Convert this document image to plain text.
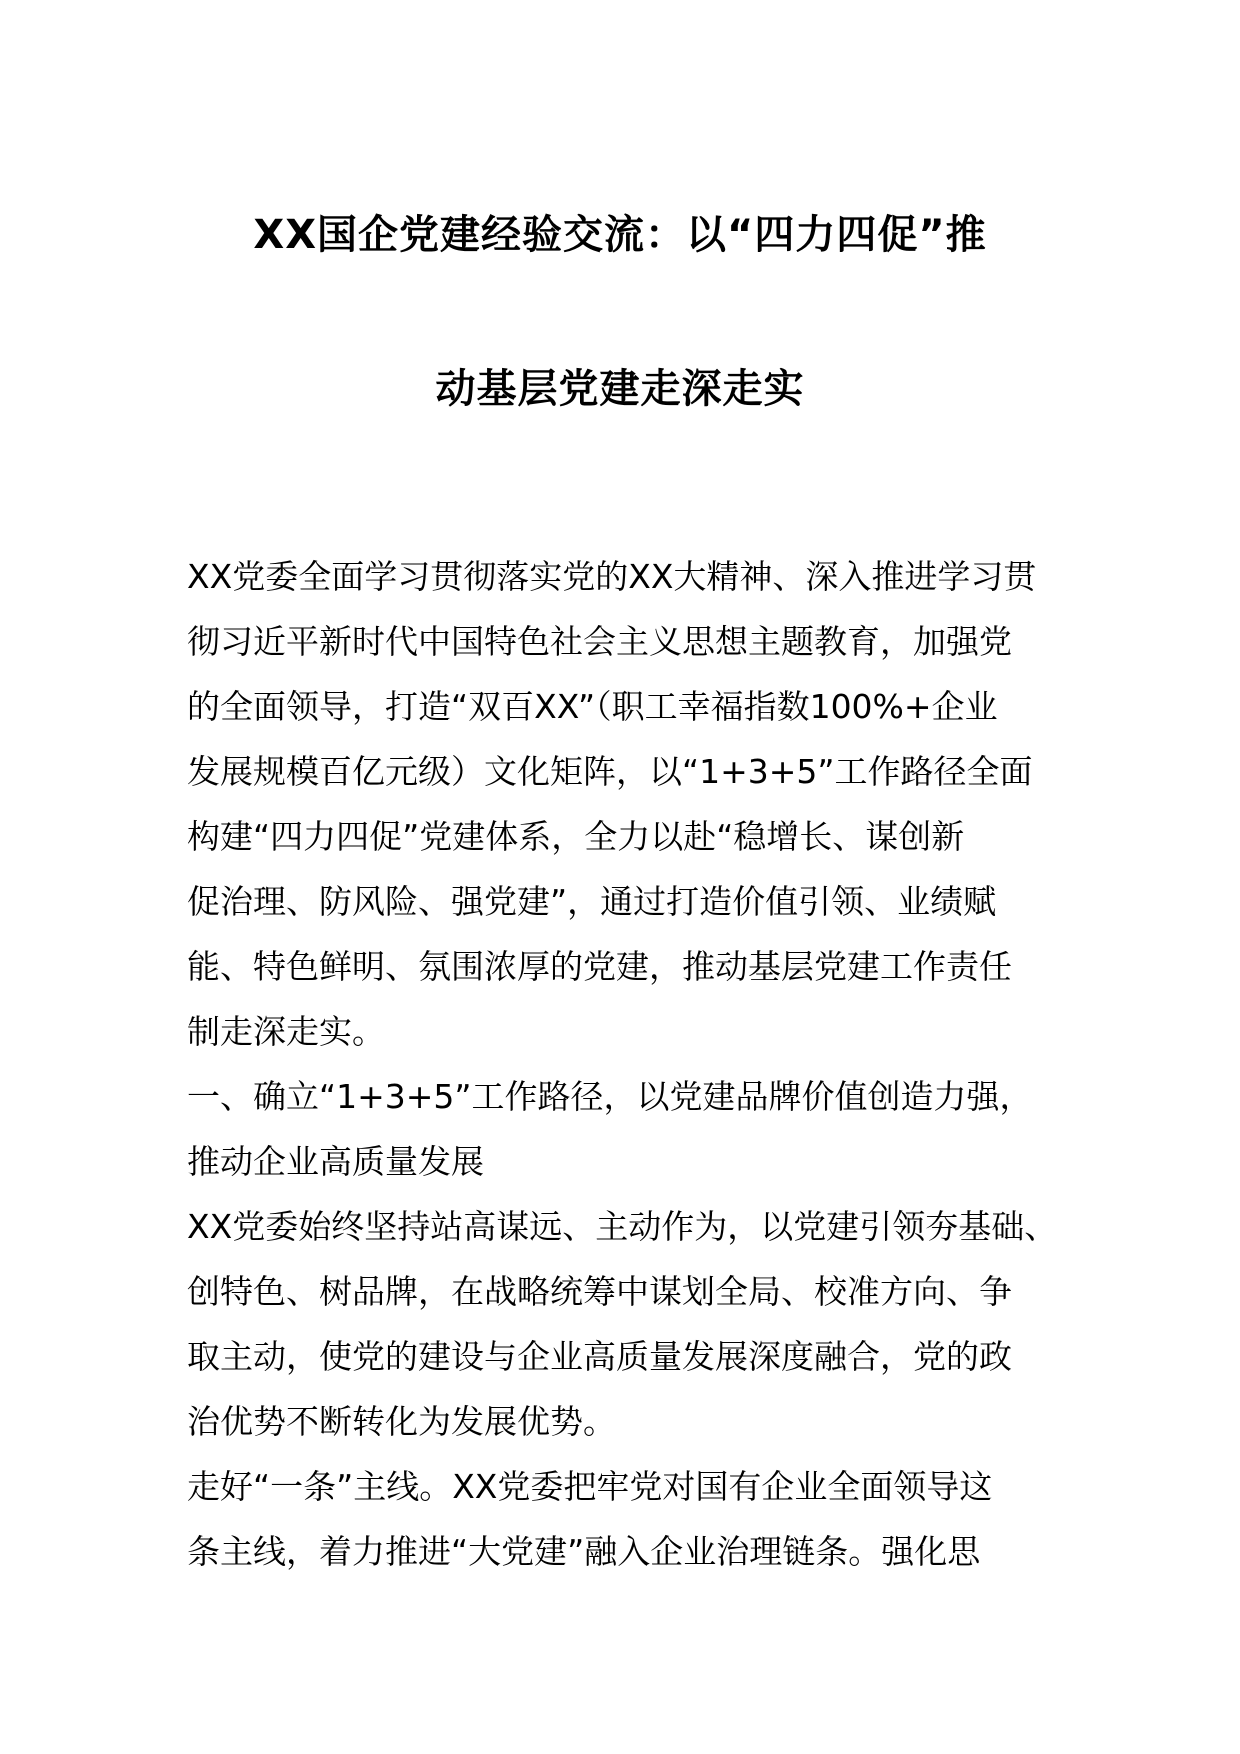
XX国企党建经验交流：以“四力四促”推
动基层党建走深走实
XX党委全面学习贯彻落实党的XX大精神、深入推进学习贯
彻习近平新时代中国特色社会主义思想主题教育，加强党
的全面领导，打造“双百XX”（职工幸福指数100%+企业
发展规模百亿元级）文化矩阵，以“1+3+5”工作路径全面
构建“四力四促”党建体系，全力以赴“稳增长、谋创新
促治理、防风险、强党建”，通过打造价值引领、业绩赋
能、特色鲜明、氛围浓厚的党建，推动基层党建工作责任
制走深走实。
一、确立“1+3+5”工作路径，以党建品牌价值创造力强，
推动企业高质量发展
XX党委始终坚持站高谋远、主动作为，以党建引领夯基础、
创特色、树品牌，在战略统筹中谋划全局、校准方向、争
取主动，使党的建设与企业高质量发展深度融合，党的政
治优势不断转化为发展优势。
走好“一条”主线。XX党委把牢党对国有企业全面领导这
条主线，着力推进“大党建”融入企业治理链条。强化思
